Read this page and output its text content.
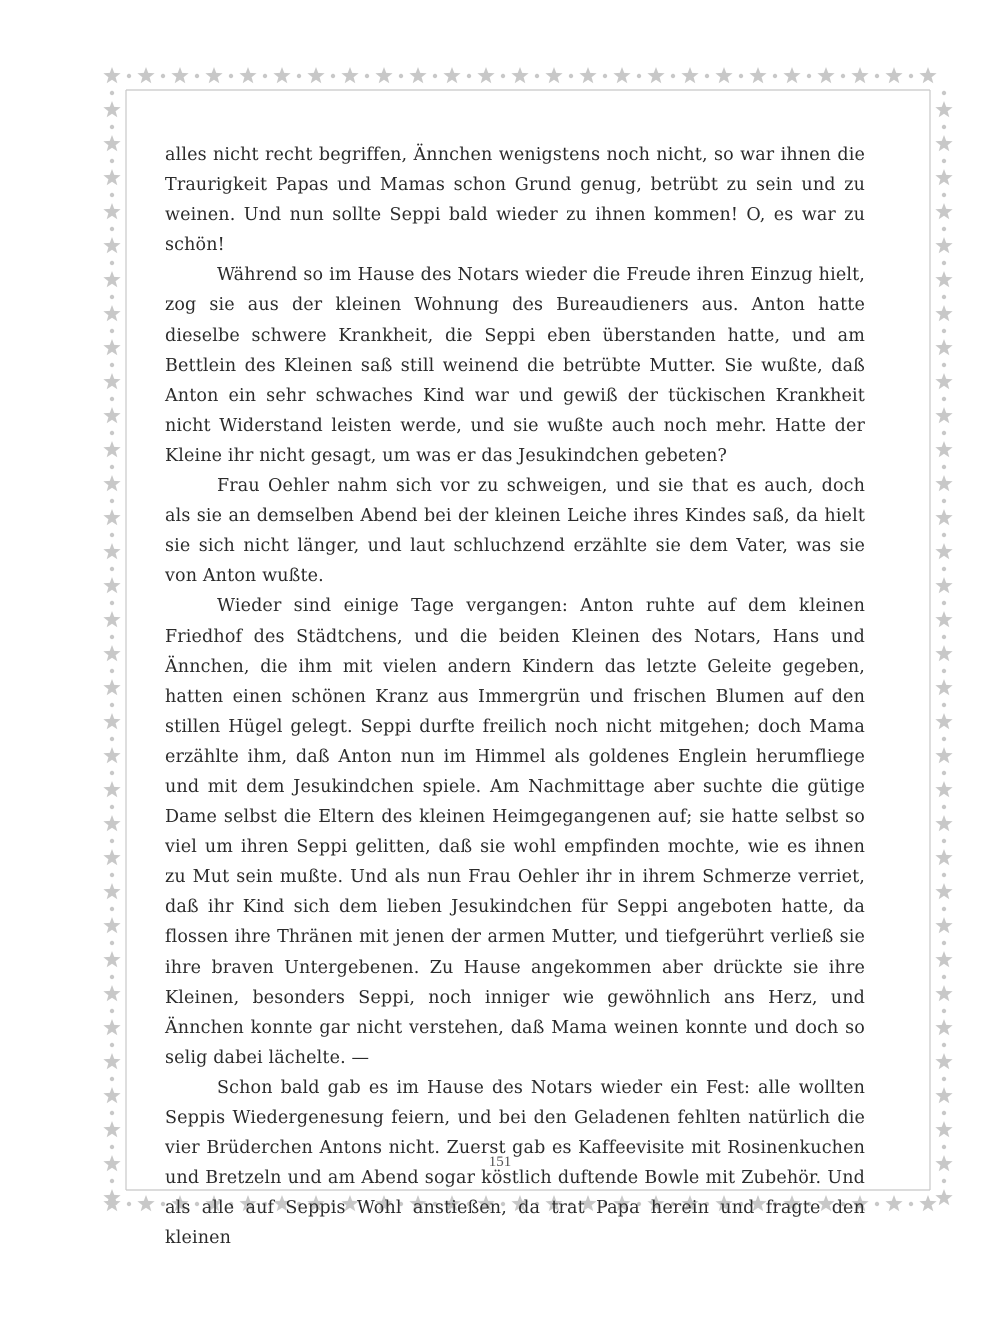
alles nicht recht begriffen, Ännchen wenigstens noch nicht, so war ihnen die Traurigkeit Papas und Mamas schon Grund genug, betrübt zu sein und zu weinen. Und nun sollte Seppi bald wieder zu ihnen kommen! O, es war zu schön!

Während so im Hause des Notars wieder die Freude ihren Einzug hielt, zog sie aus der kleinen Wohnung des Bureaudieners aus. Anton hatte dieselbe schwere Krankheit, die Seppi eben überstanden hatte, und am Bettlein des Kleinen saß still weinend die betrübte Mutter. Sie wußte, daß Anton ein sehr schwaches Kind war und gewiß der tückischen Krankheit nicht Widerstand leisten werde, und sie wußte auch noch mehr. Hatte der Kleine ihr nicht gesagt, um was er das Jesukindchen gebeten?

Frau Oehler nahm sich vor zu schweigen, und sie that es auch, doch als sie an demselben Abend bei der kleinen Leiche ihres Kindes saß, da hielt sie sich nicht länger, und laut schluchzend erzählte sie dem Vater, was sie von Anton wußte.

Wieder sind einige Tage vergangen: Anton ruhte auf dem kleinen Friedhof des Städtchens, und die beiden Kleinen des Notars, Hans und Ännchen, die ihm mit vielen andern Kindern das letzte Geleite gegeben, hatten einen schönen Kranz aus Immergrün und frischen Blumen auf den stillen Hügel gelegt. Seppi durfte freilich noch nicht mitgehen; doch Mama erzählte ihm, daß Anton nun im Himmel als goldenes Englein herumfliege und mit dem Jesukindchen spiele. Am Nachmittage aber suchte die gütige Dame selbst die Eltern des kleinen Heimgegangenen auf; sie hatte selbst so viel um ihren Seppi gelitten, daß sie wohl empfinden mochte, wie es ihnen zu Mut sein mußte. Und als nun Frau Oehler ihr in ihrem Schmerze verriet, daß ihr Kind sich dem lieben Jesukindchen für Seppi angeboten hatte, da flossen ihre Thränen mit jenen der armen Mutter, und tiefgerührt verließ sie ihre braven Untergebenen. Zu Hause angekommen aber drückte sie ihre Kleinen, besonders Seppi, noch inniger wie gewöhnlich ans Herz, und Ännchen konnte gar nicht verstehen, daß Mama weinen konnte und doch so selig dabei lächelte. —

Schon bald gab es im Hause des Notars wieder ein Fest: alle wollten Seppis Wiedergenesung feiern, und bei den Geladenen fehlten natürlich die vier Brüderchen Antons nicht. Zuerst gab es Kaffeevisite mit Rosinenkuchen und Bretzeln und am Abend sogar köstlich duftende Bowle mit Zubehör. Und als alle auf Seppis Wohl anstießen, da trat Papa herein und fragte den kleinen

151
